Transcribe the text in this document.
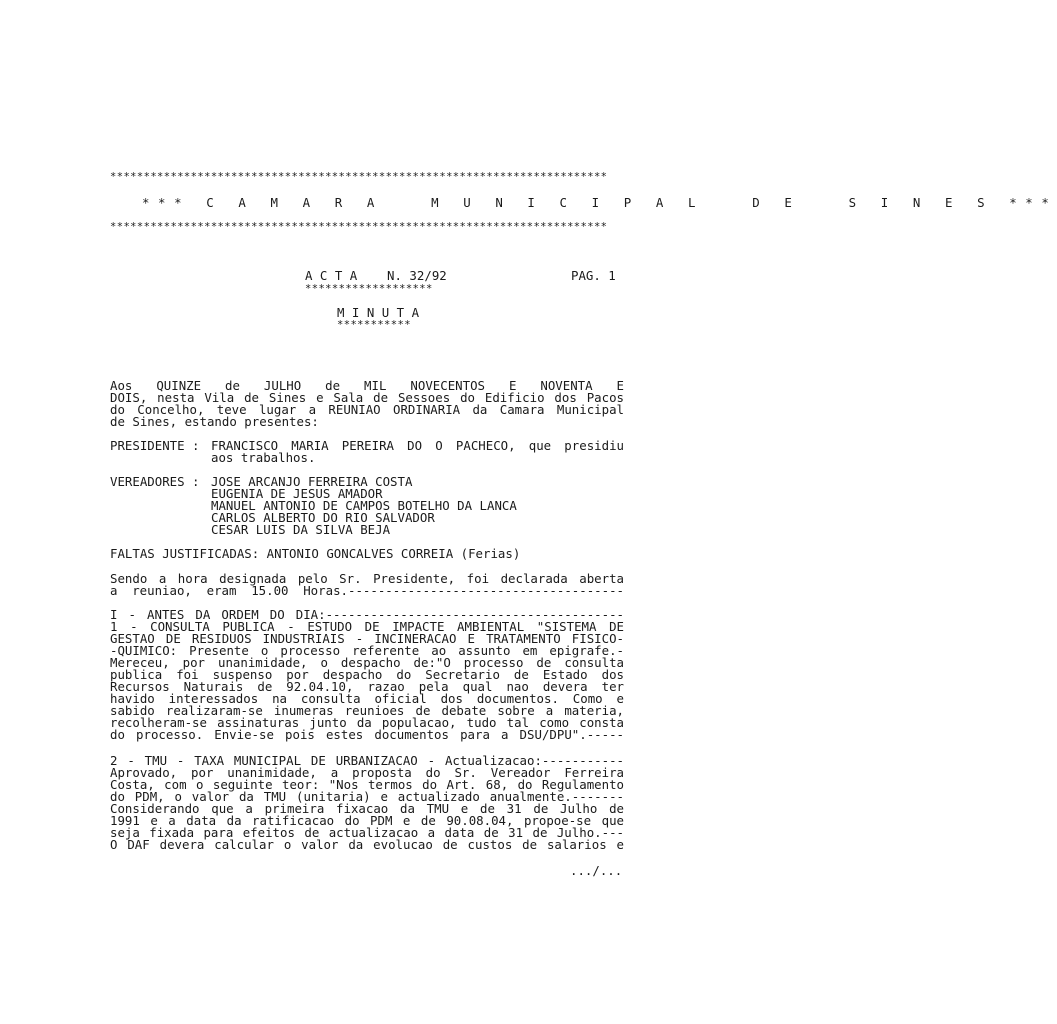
**************************************************************************
*** C A M A R A   M U N I C I P A L   D E   S I N E S ***
**************************************************************************
A C T A    N. 32/92	PAG. 1
*******************
M I N U T A
***********
Aos QUINZE de JULHO de MIL NOVECENTOS E NOVENTA E
DOIS, nesta Vila de Sines e Sala de Sessoes do Edificio dos Pacos
do Concelho, teve lugar a REUNIAO ORDINARIA da Camara Municipal
de Sines, estando presentes:
PRESIDENTE : FRANCISCO MARIA PEREIRA DO O PACHECO, que presidiu
aos trabalhos.
VEREADORES : JOSE ARCANJO FERREIRA COSTA
EUGENIA DE JESUS AMADOR
MANUEL ANTONIO DE CAMPOS BOTELHO DA LANCA
CARLOS ALBERTO DO RIO SALVADOR
CESAR LUIS DA SILVA BEJA
FALTAS JUSTIFICADAS: ANTONIO GONCALVES CORREIA (Ferias)
Sendo a hora designada pelo Sr. Presidente, foi declarada aberta
a reuniao, eram 15.00 Horas.-------------------------------------
I - ANTES DA ORDEM DO DIA:----------------------------------------
1 - CONSULTA PUBLICA - ESTUDO DE IMPACTE AMBIENTAL "SISTEMA DE
GESTAO DE RESIDUOS INDUSTRIAIS - INCINERACAO E TRATAMENTO FISICO-
-QUIMICO: Presente o processo referente ao assunto em epigrafe.-
Mereceu, por unanimidade, o despacho de:"O processo de consulta
publica foi suspenso por despacho do Secretario de Estado dos
Recursos Naturais de 92.04.10, razao pela qual nao devera ter
havido interessados na consulta oficial dos documentos. Como e
sabido realizaram-se inumeras reunioes de debate sobre a materia,
recolheram-se assinaturas junto da populacao, tudo tal como consta
do processo. Envie-se pois estes documentos para a DSU/DPU".-----
2 - TMU - TAXA MUNICIPAL DE URBANIZACAO - Actualizacao:-----------
Aprovado, por unanimidade, a proposta do Sr. Vereador Ferreira
Costa, com o seguinte teor: "Nos termos do Art. 68, do Regulamento
do PDM, o valor da TMU (unitaria) e actualizado anualmente.-------
Considerando que a primeira fixacao da TMU e de 31 de Julho de
1991 e a data da ratificacao do PDM e de 90.08.04, propoe-se que
seja fixada para efeitos de actualizacao a data de 31 de Julho.---
O DAF devera calcular o valor da evolucao de custos de salarios e
.../...
